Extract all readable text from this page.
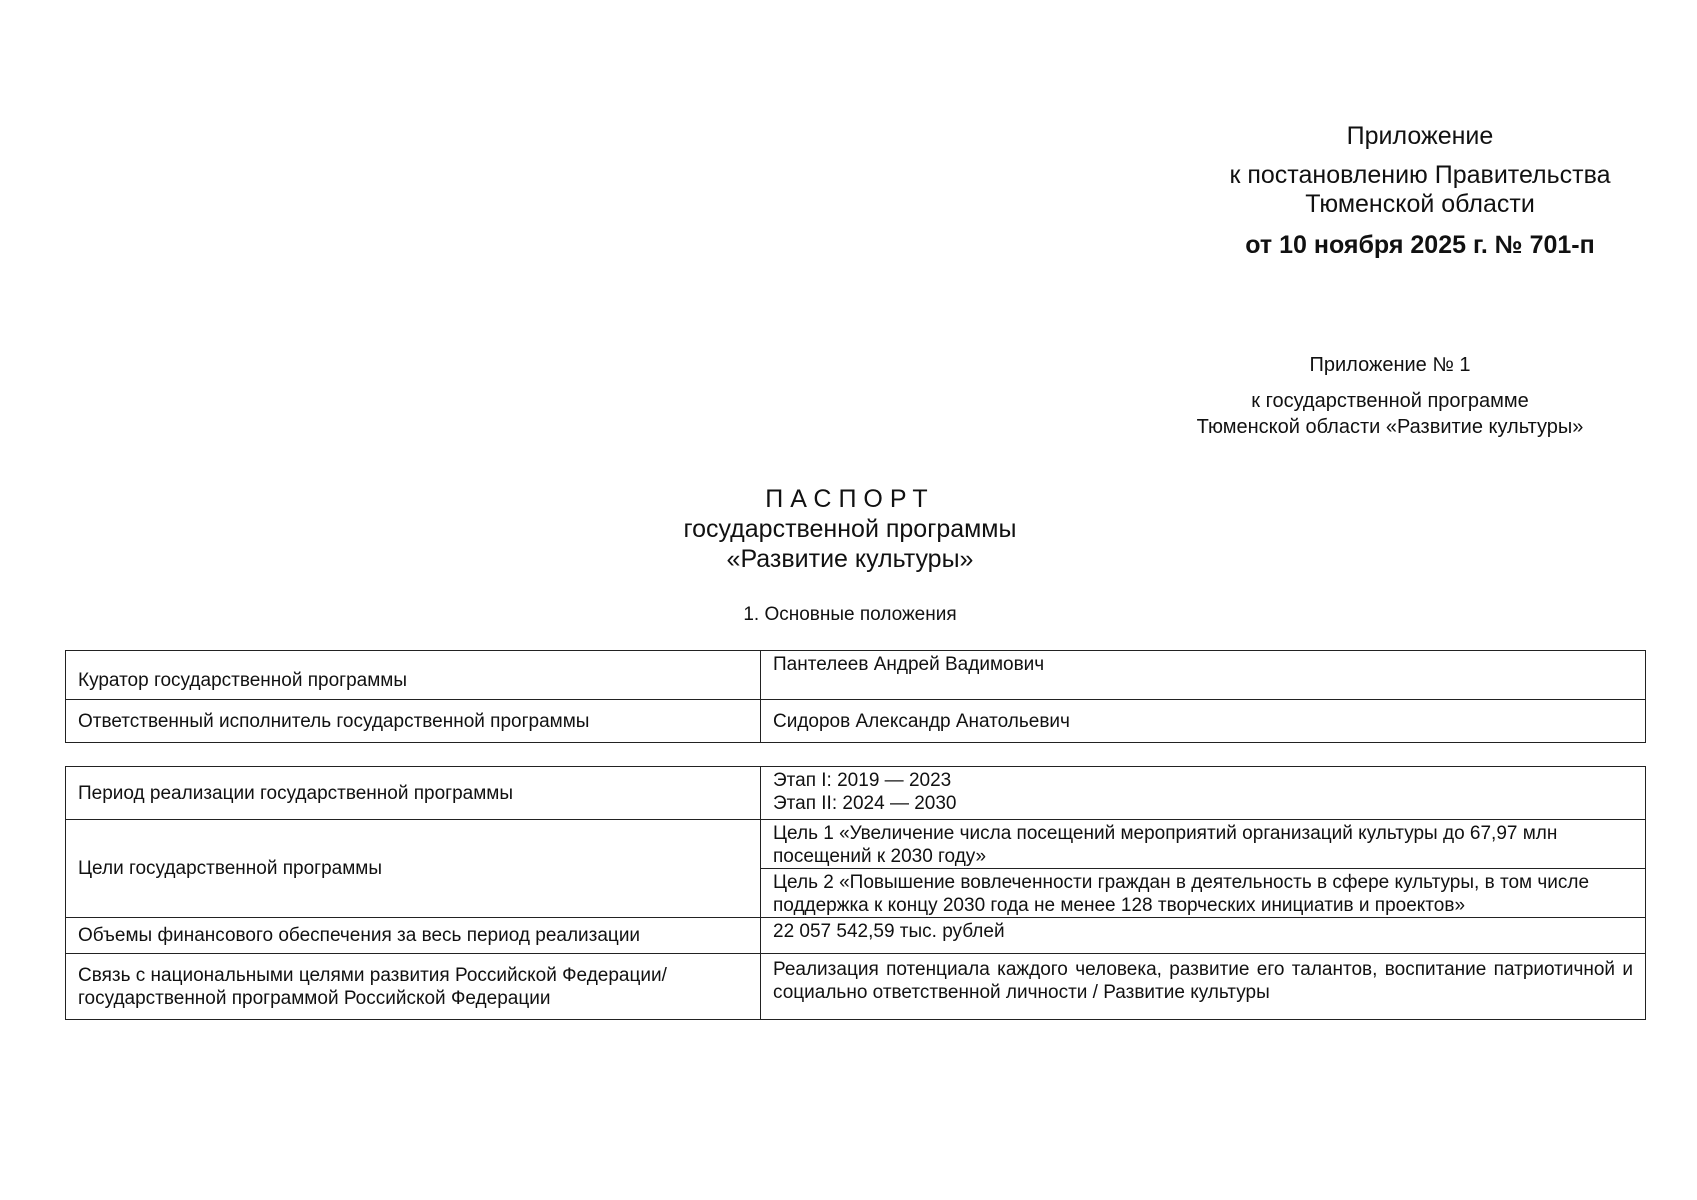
Приложение
к постановлению Правительства
Тюменской области
от 10 ноября 2025 г. № 701-п
Приложение № 1
к государственной программе
Тюменской области «Развитие культуры»
ПАСПОРТ
государственной программы
«Развитие культуры»
1. Основные положения
Куратор государственной программы	Пантелеев Андрей Вадимович
Ответственный исполнитель государственной программы	Сидоров Александр Анатольевич
Период реализации государственной программы	Этап I: 2019 — 2023
Этап II: 2024 — 2030

Цели государственной программы	Цель 1 «Увеличение числа посещений мероприятий организаций культуры до 67,97 млн посещений к 2030 году»
	Цель 2 «Повышение вовлеченности граждан в деятельность в сфере культуры, в том числе поддержка к концу 2030 года не менее 128 творческих инициатив и проектов»
Объемы финансового обеспечения за весь период реализации	22 057 542,59 тыс. рублей

Связь с национальными целями развития Российской Федерации/
государственной программой Российской Федерации	Реализация потенциала каждого человека, развитие его талантов, воспитание патриотичной и социально ответственной личности / Развитие культуры
